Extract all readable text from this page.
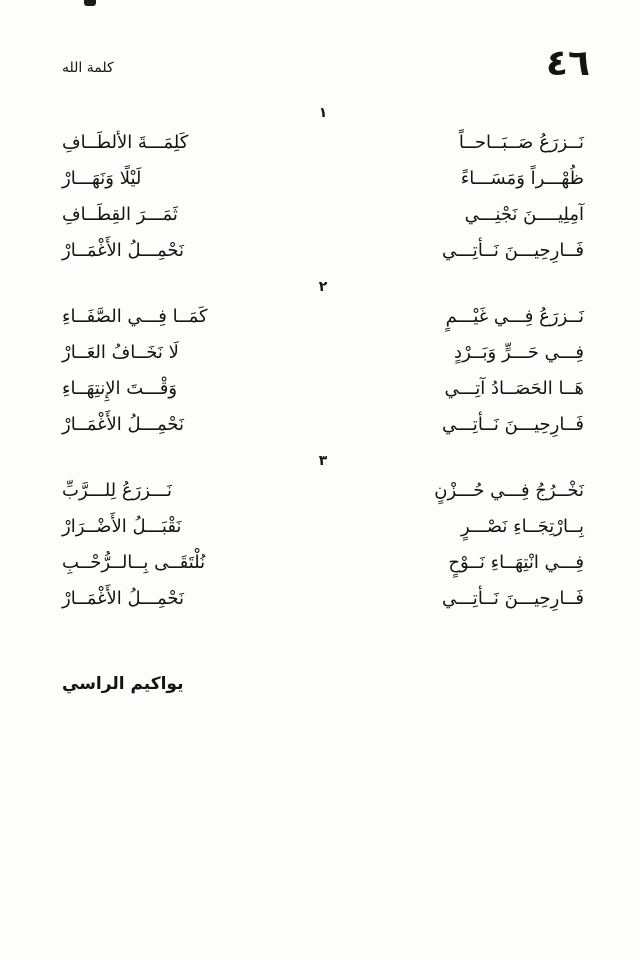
٤٦
كلمة الله
١
نَــزرَعُ صَــبَــاحــاً
كَلِمَـــةَ الألطَــافِ
ظُهْـــراً وَمَسَـــاءً
لَيْلًا وَنَهَـــارْ
آمِلِيــــنَ نَجْنِـــي
ثَمَـــرَ القِطَــافِ
فَــارِحِيـــنَ نَــأتِـــي
نَحْمِـــلُ الأَغْمَــارْ
٢
نَــزرَعُ فِـــي غَيْـــمٍ
كَمَــا فِـــي الصَّفَــاءِ
فِـــي حَـــرٍّ وَبَــرْدٍ
لَا نَخَــافُ العَــارْ
هَــا الحَصَــادُ آتِـــي
وَقْـــتَ الإِنتِهَــاءِ
فَــارِحِيـــنَ نَــأتِـــي
نَحْمِـــلُ الأَغْمَــارْ
٣
نَخْــرُجُ فِـــي حُـــزْنٍ
نَـــزرَعُ لِلـــرَّبِّ
بِــارْتِجَــاءِ نَصْـــرٍ
نَقْبَـــلُ الأَضْــرَارْ
فِـــي انْتِهَــاءِ نَــوْحٍ
نُلْتَقَــى بِــالــرُّحْــبِ
فَــارِحِيـــنَ نَــأتِـــي
نَحْمِـــلُ الأَغْمَــارْ
يواكيم الراسي
